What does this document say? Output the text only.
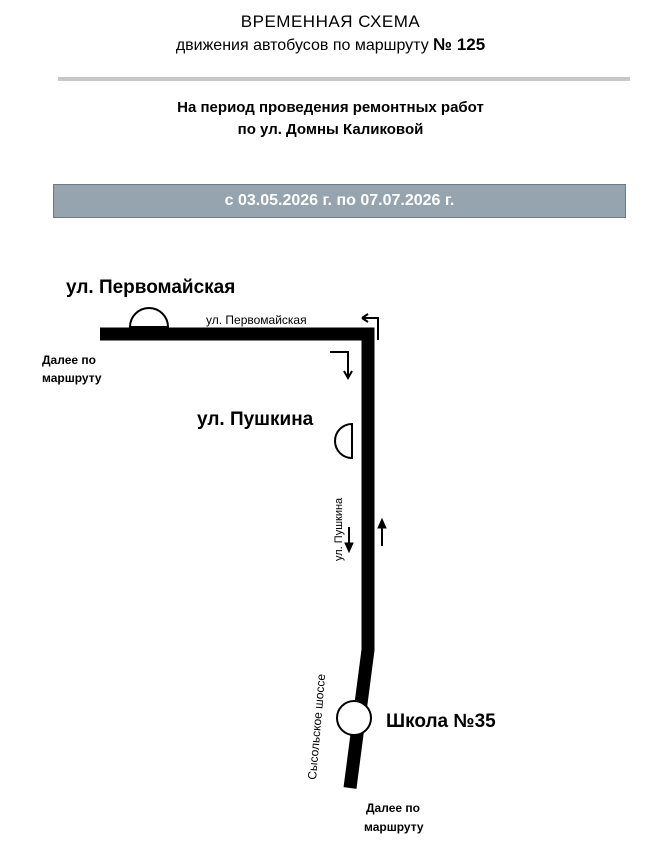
ВРЕМЕННАЯ СХЕМА
движения автобусов по маршруту № 125
На период проведения ремонтных работ
по ул. Домны Каликовой
с 03.05.2026 г. по 07.07.2026 г.
ул. Первомайская
ул. Первомайская
Далее по
маршруту
ул. Пушкина
ул. Пушкина
Сысольское шоссе	Школа №35
Далее по
маршруту
